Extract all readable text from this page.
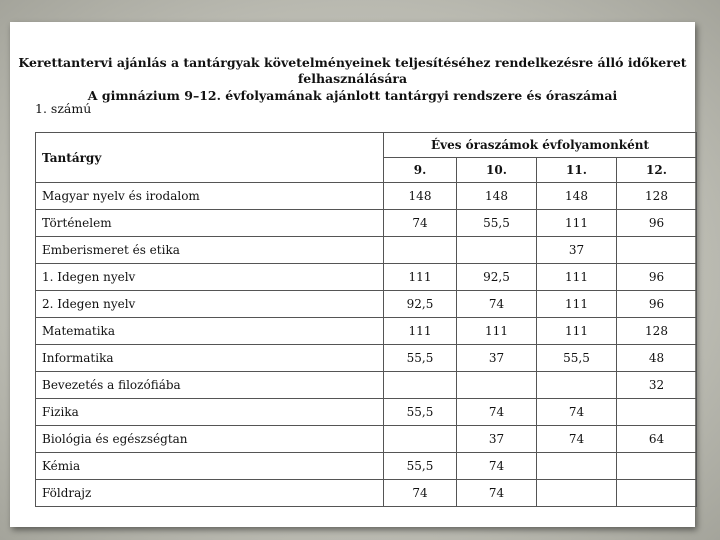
Kerettantervi ajánlás a tantárgyak követelményeinek teljesítéséhez rendelkezésre álló időkeret
felhasználására
A gimnázium 9–12. évfolyamának ajánlott tantárgyi rendszere és óraszámai
1. számú
Tantárgy	Éves óraszámok évfolyamonként			
	9.	10.	11.	12.
Magyar nyelv és irodalom	148	148	148	128
Történelem	74	55,5	111	96
Emberismeret és etika			37	
1. Idegen nyelv	111	92,5	111	96
2. Idegen nyelv	92,5	74	111	96
Matematika	111	111	111	128
Informatika	55,5	37	55,5	48
Bevezetés a filozófiába				32
Fizika	55,5	74	74	
Biológia és egészségtan		37	74	64
Kémia	55,5	74		
Földrajz	74	74		
